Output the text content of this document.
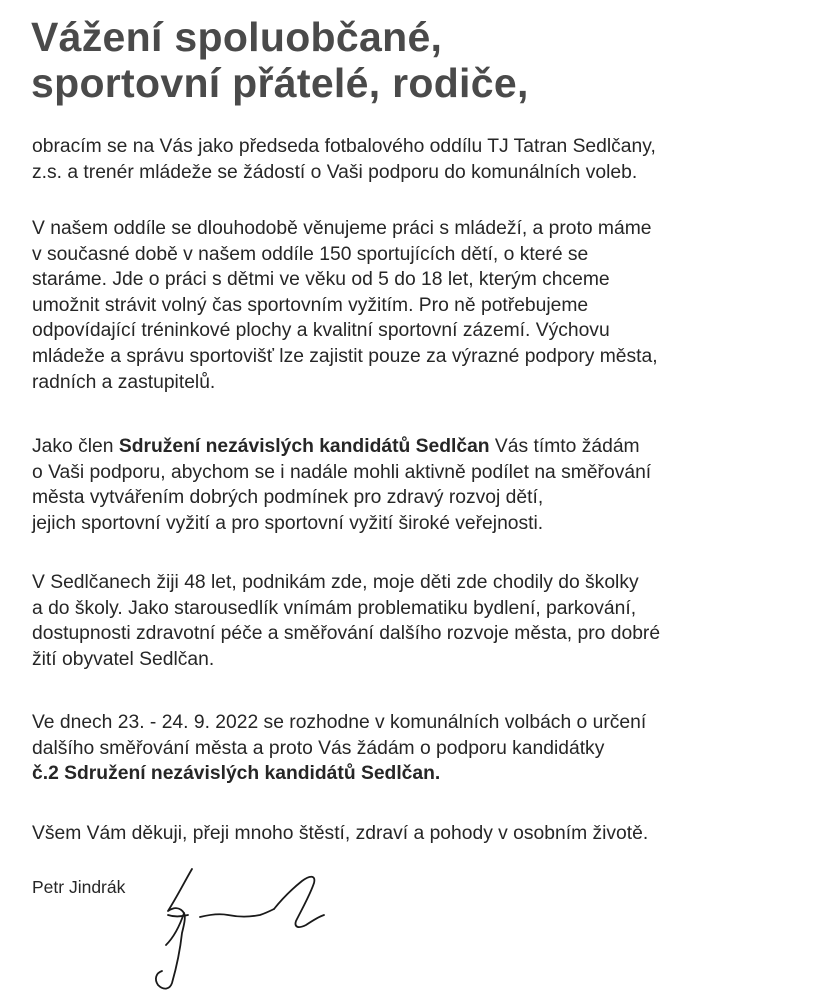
Vážení spoluobčané,
sportovní přátelé, rodiče,

obracím se na Vás jako předseda fotbalového oddílu TJ Tatran Sedlčany,
z.s. a trenér mládeže se žádostí o Vaši podporu do komunálních voleb.

V našem oddíle se dlouhodobě věnujeme práci s mládeží, a proto máme
v současné době v našem oddíle 150 sportujících dětí, o které se
staráme. Jde o práci s dětmi ve věku od 5 do 18 let, kterým chceme
umožnit strávit volný čas sportovním vyžitím. Pro ně potřebujeme
odpovídající tréninkové plochy a kvalitní sportovní zázemí. Výchovu
mládeže a správu sportovišť lze zajistit pouze za výrazné podpory města,
radních a zastupitelů.

Jako člen Sdružení nezávislých kandidátů Sedlčan Vás tímto žádám
o Vaši podporu, abychom se i nadále mohli aktivně podílet na směřování
města vytvářením dobrých podmínek pro zdravý rozvoj dětí,
jejich sportovní vyžití a pro sportovní vyžití široké veřejnosti.

V Sedlčanech žiji 48 let, podnikám zde, moje děti zde chodily do školky
a do školy. Jako starousedlík vnímám problematiku bydlení, parkování,
dostupnosti zdravotní péče a směřování dalšího rozvoje města, pro dobré
žití obyvatel Sedlčan.

Ve dnech 23. - 24. 9. 2022 se rozhodne v komunálních volbách o určení
dalšího směřování města a proto Vás žádám o podporu kandidátky
č.2 Sdružení nezávislých kandidátů Sedlčan.

Všem Vám děkuji, přeji mnoho štěstí, zdraví a pohody v osobním životě.

Petr Jindrák
